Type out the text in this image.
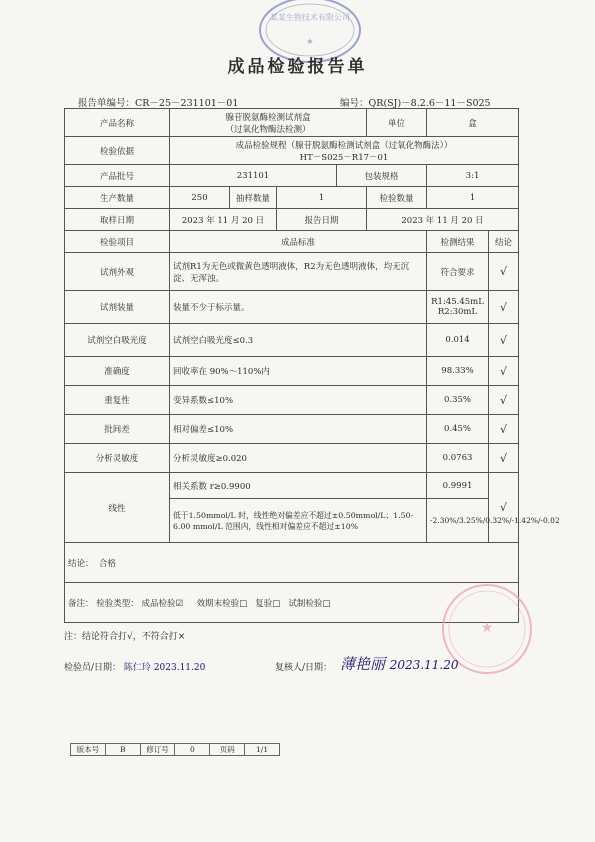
某某生物技术有限公司
★
成品检验报告单
报告单编号：CR－25－231101－01	编号：QR(SJ)－8.2.6－11－S025
产品名称	腺苷脱氨酶检测试剂盒
（过氧化物酶法检测）				单位	盒	
检验依据	成品检验规程（腺苷脱氨酶检测试剂盒（过氧化物酶法））
HT－S025－R17－01						

产品批号	231101			包装规格		3:1	
生产数量	250	抽样数量	1		检验数量	1	
取样日期	2023 年 11 月 20 日		报告日期		2023 年 11 月 20 日		
检验项目	成品标准					检测结果	结论
试剂外观	试剂R1为无色或微黄色透明液体，R2为无色透明液体，均无沉淀、无浑浊。					符合要求	√
试剂装量	装量不少于标示量。					R1:45.45mL R2:30mL	√
试剂空白吸光度	试剂空白吸光度≤0.3					0.014	√
准确度	回收率在 90%～110%内					98.33%	√
重复性	变异系数≤10%					0.35%	√
批间差	相对偏差≤10%					0.45%	√
分析灵敏度	分析灵敏度≥0.020					0.0763	√
线性	相关系数 r≥0.9900					0.9991	√
	低于1.50mmol/L 时，线性绝对偏差应不超过±0.50mmol/L；1.50-6.00 mmol/L 范围内，线性相对偏差应不超过±10%					-2.30%/3.25%/0.32%/-1.42%/-0.02	
结论： 合格							
备注： 检验类型： 成品检验☑ 效期末检验□ 复验□ 试制检验□							
★
注：结论符合打√，不符合打×
检验员/日期： 陈仁玲 2023.11.20	复核人/日期： 薄艳丽 2023.11.20
版本号	B	修订号	0	页码	1/1
